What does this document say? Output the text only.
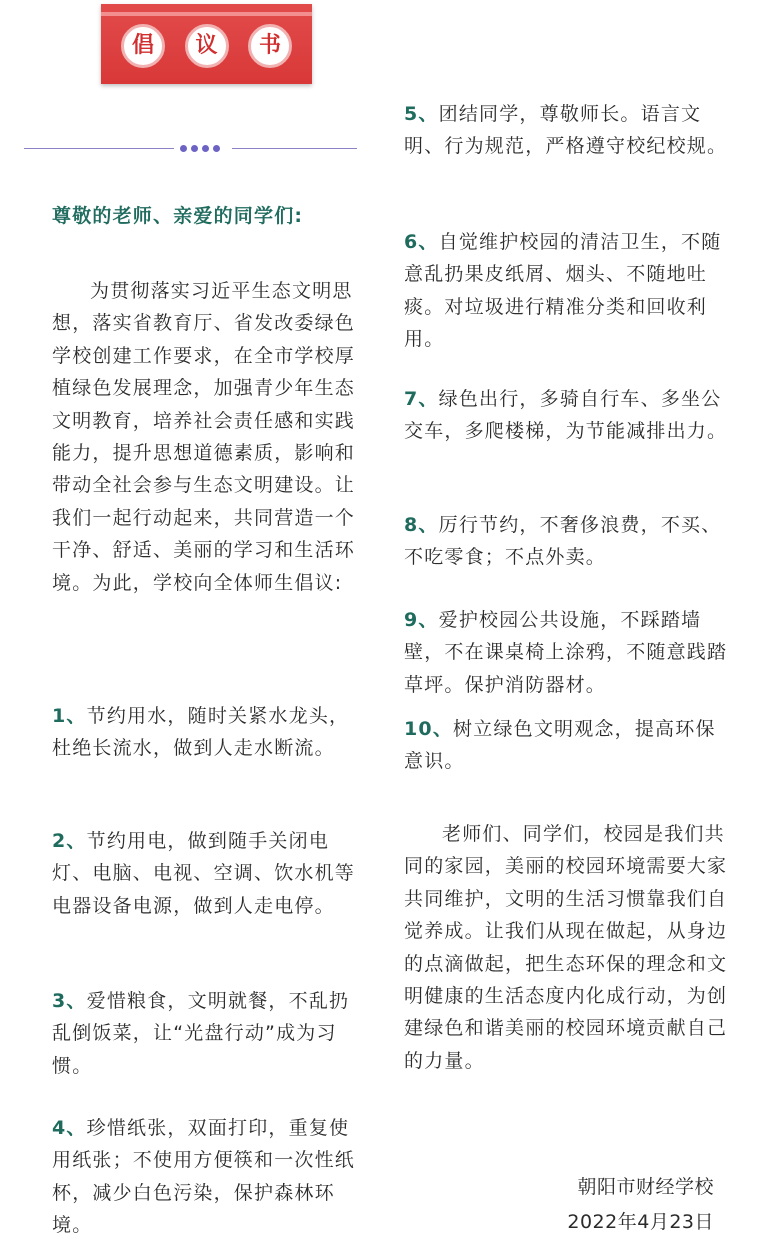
倡	议	书

尊敬的老师、亲爱的同学们:

为贯彻落实习近平生态文明思想，落实省教育厅、省发改委绿色学校创建工作要求，在全市学校厚植绿色发展理念，加强青少年生态文明教育，培养社会责任感和实践能力，提升思想道德素质，影响和带动全社会参与生态文明建设。让我们一起行动起来，共同营造一个干净、舒适、美丽的学习和生活环境。为此，学校向全体师生倡议:

1、节约用水，随时关紧水龙头，杜绝长流水，做到人走水断流。

2、节约用电，做到随手关闭电灯、电脑、电视、空调、饮水机等电器设备电源，做到人走电停。

3、爱惜粮食，文明就餐，不乱扔乱倒饭菜，让“光盘行动”成为习惯。

4、珍惜纸张，双面打印，重复使用纸张；不使用方便筷和一次性纸杯，减少白色污染，保护森林环境。

5、团结同学，尊敬师长。语言文明、行为规范，严格遵守校纪校规。

6、自觉维护校园的清洁卫生，不随意乱扔果皮纸屑、烟头、不随地吐痰。对垃圾进行精准分类和回收利用。

7、绿色出行，多骑自行车、多坐公交车，多爬楼梯，为节能减排出力。

8、厉行节约，不奢侈浪费，不买、不吃零食；不点外卖。

9、爱护校园公共设施，不踩踏墙壁，不在课桌椅上涂鸦，不随意践踏草坪。保护消防器材。

10、树立绿色文明观念，提高环保意识。

老师们、同学们，校园是我们共同的家园，美丽的校园环境需要大家共同维护，文明的生活习惯靠我们自觉养成。让我们从现在做起，从身边的点滴做起，把生态环保的理念和文明健康的生活态度内化成行动，为创建绿色和谐美丽的校园环境贡献自己的力量。

朝阳市财经学校
2022年4月23日
